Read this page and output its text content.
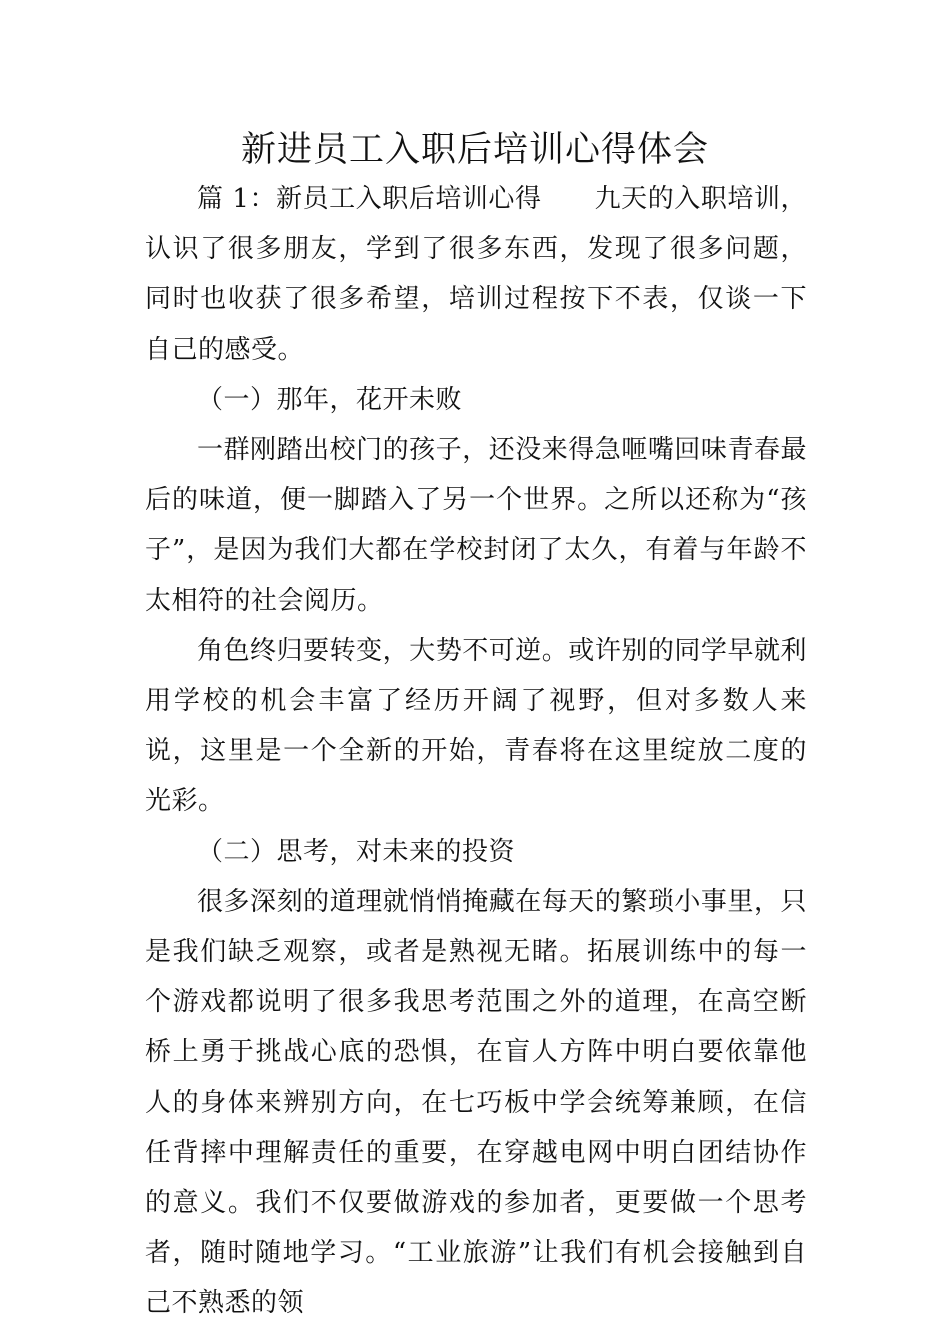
新进员工入职后培训心得体会

篇 1：新员工入职后培训心得　　九天的入职培训，认识了很多朋友，学到了很多东西，发现了很多问题，同时也收获了很多希望，培训过程按下不表，仅谈一下自己的感受。

（一）那年，花开未败

一群刚踏出校门的孩子，还没来得急咂嘴回味青春最后的味道，便一脚踏入了另一个世界。之所以还称为“孩子”，是因为我们大都在学校封闭了太久，有着与年龄不太相符的社会阅历。

角色终归要转变，大势不可逆。或许别的同学早就利用学校的机会丰富了经历开阔了视野，但对多数人来说，这里是一个全新的开始，青春将在这里绽放二度的光彩。

（二）思考，对未来的投资

很多深刻的道理就悄悄掩藏在每天的繁琐小事里，只是我们缺乏观察，或者是熟视无睹。拓展训练中的每一个游戏都说明了很多我思考范围之外的道理，在高空断桥上勇于挑战心底的恐惧，在盲人方阵中明白要依靠他人的身体来辨别方向，在七巧板中学会统筹兼顾，在信任背摔中理解责任的重要，在穿越电网中明白团结协作的意义。我们不仅要做游戏的参加者，更要做一个思考者，随时随地学习。“工业旅游”让我们有机会接触到自己不熟悉的领
